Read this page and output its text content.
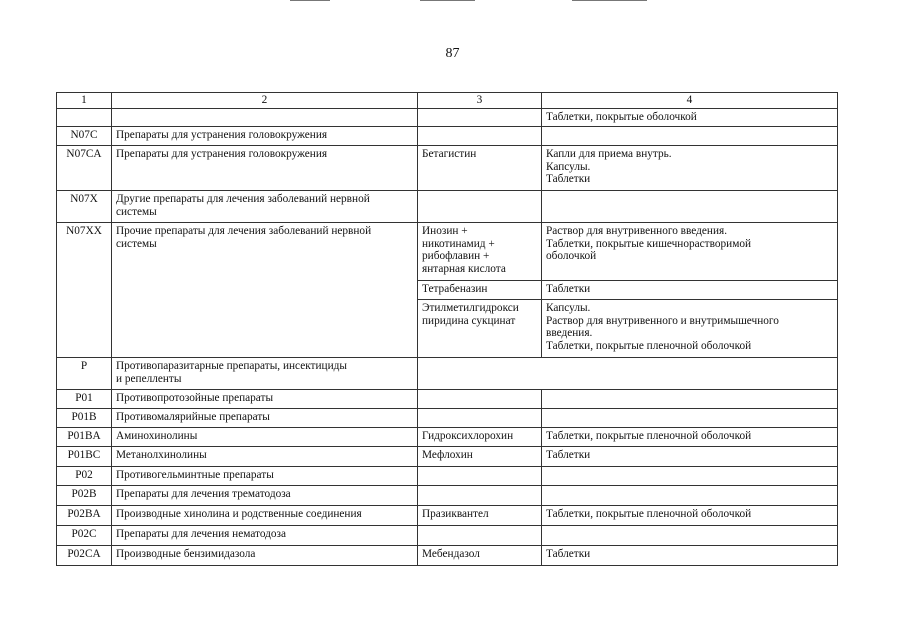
87
1	2	3	4
			Таблетки, покрытые оболочкой
N07C	Препараты для устранения головокружения		
N07CA	Препараты для устранения головокружения	Бетагистин	Капли для приема внутрь.
Капсулы.
Таблетки
N07X	Другие препараты для лечения заболеваний нервной
системы		
N07XX	Прочие препараты для лечения заболеваний нервной
системы	Инозин +
никотинамид +
рибофлавин +
янтарная кислота	Раствор для внутривенного введения.
Таблетки, покрытые кишечнорастворимой
оболочкой
		Тетрабеназин	Таблетки
		Этилметилгидрокси
пиридина сукцинат	Капсулы.
Раствор для внутривенного и внутримышечного
введения.
Таблетки, покрытые пленочной оболочкой
P	Противопаразитарные препараты, инсектициды
и репелленты		
P01	Противопротозойные препараты		
P01B	Противомалярийные препараты		
P01BA	Аминохинолины	Гидроксихлорохин	Таблетки, покрытые пленочной оболочкой
P01BC	Метанолхинолины	Мефлохин	Таблетки
P02	Противогельминтные препараты		
P02B	Препараты для лечения трематодоза		
P02BA	Производные хинолина и родственные соединения	Празиквантел	Таблетки, покрытые пленочной оболочкой
P02C	Препараты для лечения нематодоза		
P02CA	Производные бензимидазола	Мебендазол	Таблетки
